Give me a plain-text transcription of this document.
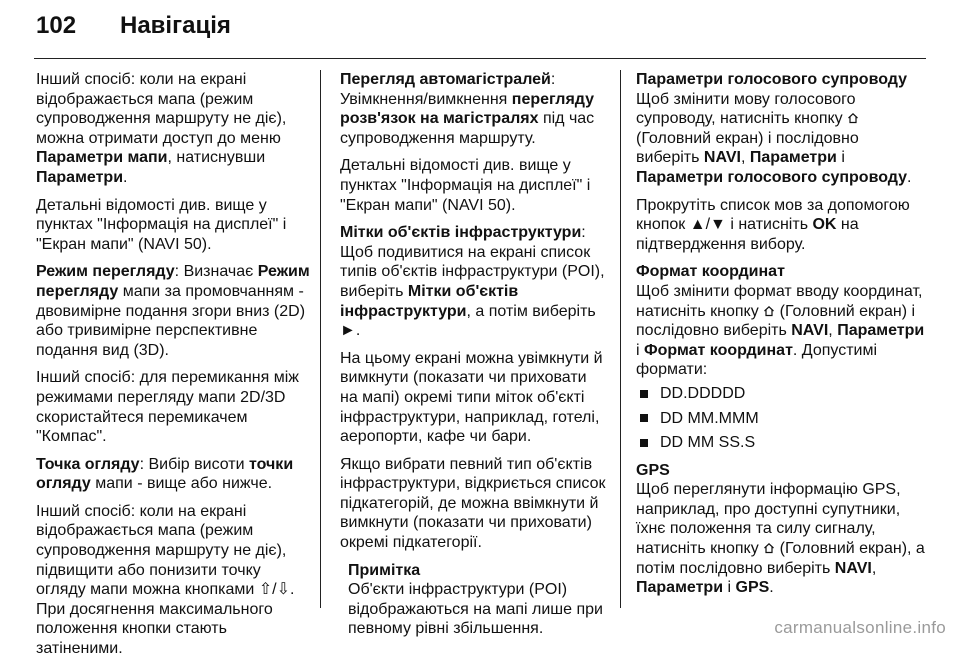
102	Навігація

Інший спосіб: коли на екрані відображається мапа (режим супроводження маршруту не діє), можна отримати доступ до меню Параметри мапи, натиснувши Параметри.

Детальні відомості див. вище у пунктах "Інформація на дисплеї" і "Екран мапи" (NAVI 50).

Режим перегляду: Визначає Режим перегляду мапи за промовчанням - двовимірне подання згори вниз (2D) або тривимірне перспективне подання вид (3D).

Інший спосіб: для перемикання між режимами перегляду мапи 2D/3D скористайтеся перемикачем "Компас".

Точка огляду: Вибір висоти точки огляду мапи - вище або нижче.

Інший спосіб: коли на екрані відображається мапа (режим супроводження маршруту не діє), підвищити або понизити точку огляду мапи можна кнопками ⇧/⇩. При досягнення максимального положення кнопки стають затіненими.

Перегляд автомагістралей: Увімкнення/вимкнення перегляду розв'язок на магістралях під час супроводження маршруту.

Детальні відомості див. вище у пунктах "Інформація на дисплеї" і "Екран мапи" (NAVI 50).

Мітки об'єктів інфраструктури: Щоб подивитися на екрані список типів об'єктів інфраструктури (POI), виберіть Мітки об'єктів інфраструктури, а потім виберіть ►.

На цьому екрані можна увімкнути й вимкнути (показати чи приховати на мапі) окремі типи міток об'єкті інфраструктури, наприклад, готелі, аеропорти, кафе чи бари.

Якщо вибрати певний тип об'єктів інфраструктури, відкриється список підкатегорій, де можна ввімкнути й вимкнути (показати чи приховати) окремі підкатегорії.

Примітка
Об'єкти інфраструктури (POI) відображаються на мапі лише при певному рівні збільшення.
Параметри голосового супроводу
Щоб змінити мову голосового супроводу, натисніть кнопку  (Головний екран) і послідовно виберіть NAVI, Параметри і Параметри голосового супроводу.

Прокрутіть список мов за допомогою кнопок ▲/▼ і натисніть OK на підтвердження вибору.

Формат координат
Щоб змінити формат вводу координат, натисніть кнопку  (Головний екран) і послідовно виберіть NAVI, Параметри і Формат координат. Допустимі формати:
DD.DDDDD
DD MM.MMM
DD MM SS.S
GPS
Щоб переглянути інформацію GPS, наприклад, про доступні супутники, їхнє положення та силу сигналу, натисніть кнопку  (Головний екран), а потім послідовно виберіть NAVI, Параметри і GPS.
carmanualsonline.info
